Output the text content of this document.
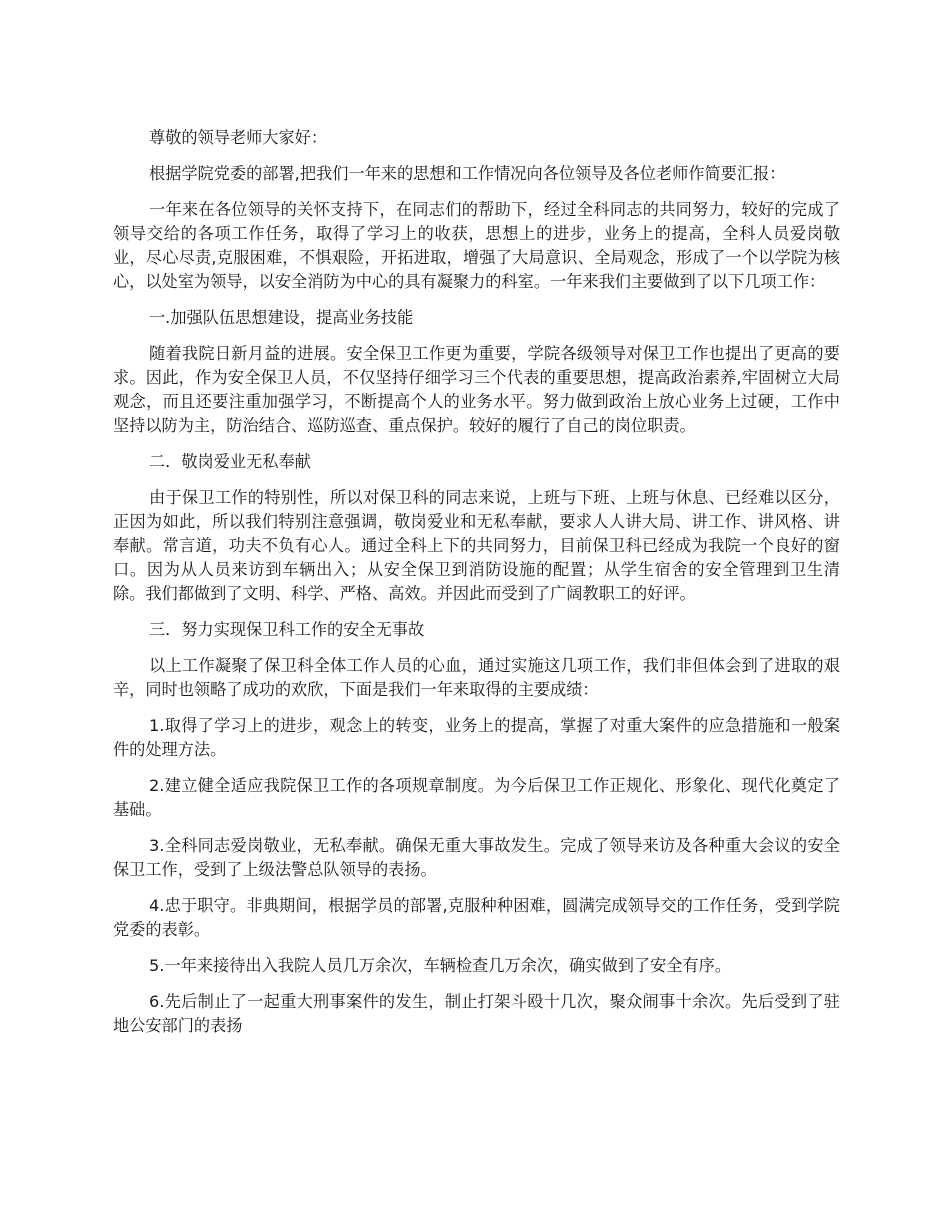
尊敬的领导老师大家好：

根据学院党委的部署,把我们一年来的思想和工作情况向各位领导及各位老师作简要汇报：

一年来在各位领导的关怀支持下，在同志们的帮助下，经过全科同志的共同努力，较好的完成了领导交给的各项工作任务，取得了学习上的收获，思想上的进步，业务上的提高，全科人员爱岗敬业，尽心尽责,克服困难，不惧艰险，开拓进取，增强了大局意识、全局观念，形成了一个以学院为核心，以处室为领导，以安全消防为中心的具有凝聚力的科室。一年来我们主要做到了以下几项工作：

一.加强队伍思想建设，提高业务技能

随着我院日新月益的进展。安全保卫工作更为重要，学院各级领导对保卫工作也提出了更高的要求。因此，作为安全保卫人员，不仅坚持仔细学习三个代表的重要思想，提高政治素养,牢固树立大局观念，而且还要注重加强学习，不断提高个人的业务水平。努力做到政治上放心业务上过硬，工作中坚持以防为主，防治结合、巡防巡查、重点保护。较好的履行了自己的岗位职责。

二．敬岗爱业无私奉献

由于保卫工作的特别性，所以对保卫科的同志来说，上班与下班、上班与休息、已经难以区分，正因为如此，所以我们特别注意强调，敬岗爱业和无私奉献，要求人人讲大局、讲工作、讲风格、讲奉献。常言道，功夫不负有心人。通过全科上下的共同努力，目前保卫科已经成为我院一个良好的窗口。因为从人员来访到车辆出入；从安全保卫到消防设施的配置；从学生宿舍的安全管理到卫生清除。我们都做到了文明、科学、严格、高效。并因此而受到了广阔教职工的好评。

三．努力实现保卫科工作的安全无事故

以上工作凝聚了保卫科全体工作人员的心血，通过实施这几项工作，我们非但体会到了进取的艰辛，同时也领略了成功的欢欣，下面是我们一年来取得的主要成绩：

1.取得了学习上的进步，观念上的转变，业务上的提高，掌握了对重大案件的应急措施和一般案件的处理方法。

2.建立健全适应我院保卫工作的各项规章制度。为今后保卫工作正规化、形象化、现代化奠定了基础。

3.全科同志爱岗敬业，无私奉献。确保无重大事故发生。完成了领导来访及各种重大会议的安全保卫工作，受到了上级法警总队领导的表扬。

4.忠于职守。非典期间，根据学员的部署,克服种种困难，圆满完成领导交的工作任务，受到学院党委的表彰。

5.一年来接待出入我院人员几万余次，车辆检查几万余次，确实做到了安全有序。

6.先后制止了一起重大刑事案件的发生，制止打架斗殴十几次，聚众闹事十余次。先后受到了驻地公安部门的表扬
